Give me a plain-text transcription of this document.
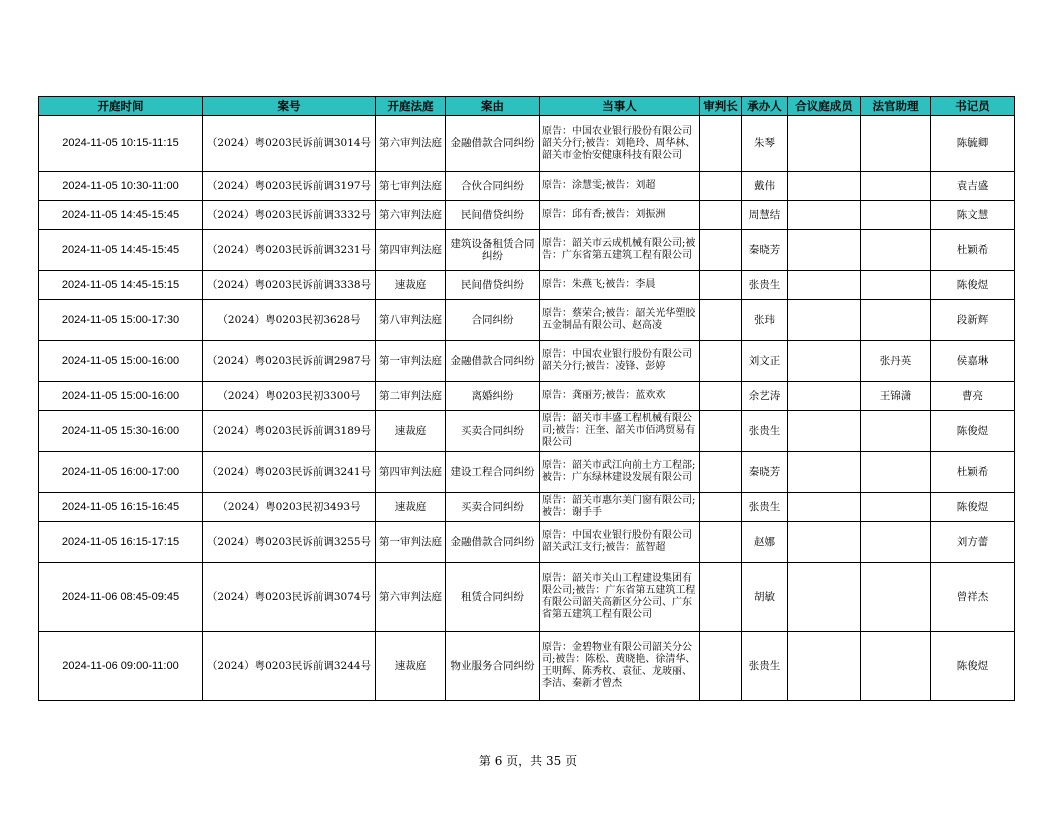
开庭时间	案号	开庭法庭	案由	当事人	审判长	承办人	合议庭成员	法官助理	书记员
2024-11-05 10:15-11:15	（2024）粤0203民诉前调3014号	第六审判法庭	金融借款合同纠纷	原告：中国农业银行股份有限公司韶关分行;被告：刘艳玲、周华林、韶关市金怡安健康科技有限公司		朱琴			陈毓卿
2024-11-05 10:30-11:00	（2024）粤0203民诉前调3197号	第七审判法庭	合伙合同纠纷	原告：涂慧雯;被告：刘超		戴伟			袁吉盛
2024-11-05 14:45-15:45	（2024）粤0203民诉前调3332号	第六审判法庭	民间借贷纠纷	原告：邱有香;被告：刘振洲		周慧结			陈文慧
2024-11-05 14:45-15:45	（2024）粤0203民诉前调3231号	第四审判法庭	建筑设备租赁合同纠纷	原告：韶关市云成机械有限公司;被告：广东省第五建筑工程有限公司		秦晓芳			杜颖希
2024-11-05 14:45-15:15	（2024）粤0203民诉前调3338号	速裁庭	民间借贷纠纷	原告：朱燕飞;被告：李晨		张贵生			陈俊煜
2024-11-05 15:00-17:30	（2024）粤0203民初3628号	第八审判法庭	合同纠纷	原告：蔡荣合;被告：韶关光华塑胶五金制品有限公司、赵高凌		张玮			段新辉
2024-11-05 15:00-16:00	（2024）粤0203民诉前调2987号	第一审判法庭	金融借款合同纠纷	原告：中国农业银行股份有限公司韶关分行;被告：凌锋、彭婷		刘文正		张丹英	侯嘉琳
2024-11-05 15:00-16:00	（2024）粤0203民初3300号	第二审判法庭	离婚纠纷	原告：龚丽芳;被告：蓝欢欢		余艺涛		王锦潇	曹亮
2024-11-05 15:30-16:00	（2024）粤0203民诉前调3189号	速裁庭	买卖合同纠纷	原告：韶关市丰盛工程机械有限公司;被告：汪奎、韶关市佰鸿贸易有限公司		张贵生			陈俊煜
2024-11-05 16:00-17:00	（2024）粤0203民诉前调3241号	第四审判法庭	建设工程合同纠纷	原告：韶关市武江向前土方工程部;被告：广东绿林建设发展有限公司		秦晓芳			杜颖希
2024-11-05 16:15-16:45	（2024）粤0203民初3493号	速裁庭	买卖合同纠纷	原告：韶关市惠尔美门窗有限公司;被告：谢手手		张贵生			陈俊煜
2024-11-05 16:15-17:15	（2024）粤0203民诉前调3255号	第一审判法庭	金融借款合同纠纷	原告：中国农业银行股份有限公司韶关武江支行;被告：蓝智超		赵娜			刘方蕾
2024-11-06 08:45-09:45	（2024）粤0203民诉前调3074号	第六审判法庭	租赁合同纠纷	原告：韶关市关山工程建设集团有限公司;被告：广东省第五建筑工程有限公司韶关高新区分公司、广东省第五建筑工程有限公司		胡敏			曾祥杰
2024-11-06 09:00-11:00	（2024）粤0203民诉前调3244号	速裁庭	物业服务合同纠纷	原告：金碧物业有限公司韶关分公司;被告：陈松、黄晓艳、徐清华、王明辉、陈秀枚、袁征、龙玻丽、李洁、秦新才曾杰		张贵生			陈俊煜
第 6 页，共 35 页
